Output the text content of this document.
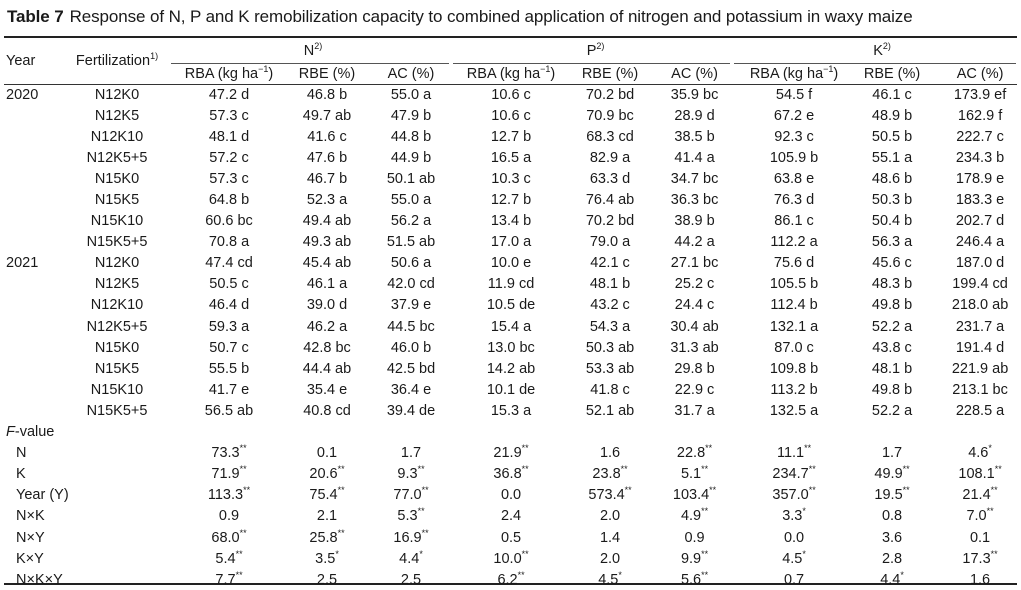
Table 7 Response of N, P and K remobilization capacity to combined application of nitrogen and potassium in waxy maize
Year	Fertilization$^{1)}$	$N^{2)}$			$P^{2)}$			$K^{2)}$
		RBA (kg $ha^{-1}$)	RBE (%)	AC (%)	RBA (kg $ha^{-1}$)	RBE (%)	AC (%)	RBA (kg $ha^{-1}$)	RBE (%)	AC (%)
2020	N12K0	47.2 d	46.8 b	55.0 a	10.6 c	70.2 bd	35.9 bc	54.5 f	46.1 c	173.9 ef
	N12K5	57.3 c	49.7 ab	47.9 b	10.6 c	70.9 bc	28.9 d	67.2 e	48.9 b	162.9 f
	N12K10	48.1 d	41.6 c	44.8 b	12.7 b	68.3 cd	38.5 b	92.3 c	50.5 b	222.7 c
	N12K5+5	57.2 c	47.6 b	44.9 b	16.5 a	82.9 a	41.4 a	105.9 b	55.1 a	234.3 b
	N15K0	57.3 c	46.7 b	50.1 ab	10.3 c	63.3 d	34.7 bc	63.8 e	48.6 b	178.9 e
	N15K5	64.8 b	52.3 a	55.0 a	12.7 b	76.4 ab	36.3 bc	76.3 d	50.3 b	183.3 e
	N15K10	60.6 bc	49.4 ab	56.2 a	13.4 b	70.2 bd	38.9 b	86.1 c	50.4 b	202.7 d
	N15K5+5	70.8 a	49.3 ab	51.5 ab	17.0 a	79.0 a	44.2 a	112.2 a	56.3 a	246.4 a
2021	N12K0	47.4 cd	45.4 ab	50.6 a	10.0 e	42.1 c	27.1 bc	75.6 d	45.6 c	187.0 d
	N12K5	50.5 c	46.1 a	42.0 cd	11.9 cd	48.1 b	25.2 c	105.5 b	48.3 b	199.4 cd
	N12K10	46.4 d	39.0 d	37.9 e	10.5 de	43.2 c	24.4 c	112.4 b	49.8 b	218.0 ab
	N12K5+5	59.3 a	46.2 a	44.5 bc	15.4 a	54.3 a	30.4 ab	132.1 a	52.2 a	231.7 a
	N15K0	50.7 c	42.8 bc	46.0 b	13.0 bc	50.3 ab	31.3 ab	87.0 c	43.8 c	191.4 d
	N15K5	55.5 b	44.4 ab	42.5 bd	14.2 ab	53.3 ab	29.8 b	109.8 b	48.1 b	221.9 ab
	N15K10	41.7 e	35.4 e	36.4 e	10.1 de	41.8 c	22.9 c	113.2 b	49.8 b	213.1 bc
	N15K5+5	56.5 ab	40.8 cd	39.4 de	15.3 a	52.1 ab	31.7 a	132.5 a	52.2 a	228.5 a
F-value										
N		73.3**	0.1	1.7	21.9**	1.6	22.8**	11.1**	1.7	4.6*
K		71.9**	20.6**	9.3**	36.8**	23.8**	5.1**	234.7**	49.9**	108.1**
Year (Y)		113.3**	75.4**	77.0**	0.0	573.4**	103.4**	357.0**	19.5**	21.4**
N×K		0.9	2.1	5.3**	2.4	2.0	4.9**	3.3*	0.8	7.0**
N×Y		68.0**	25.8**	16.9**	0.5	1.4	0.9	0.0	3.6	0.1
K×Y		5.4**	3.5*	4.4*	10.0**	2.0	9.9**	4.5*	2.8	17.3**
N×K×Y		7.7**	2.5	2.5	6.2**	4.5*	5.6**	0.7	4.4*	1.6
